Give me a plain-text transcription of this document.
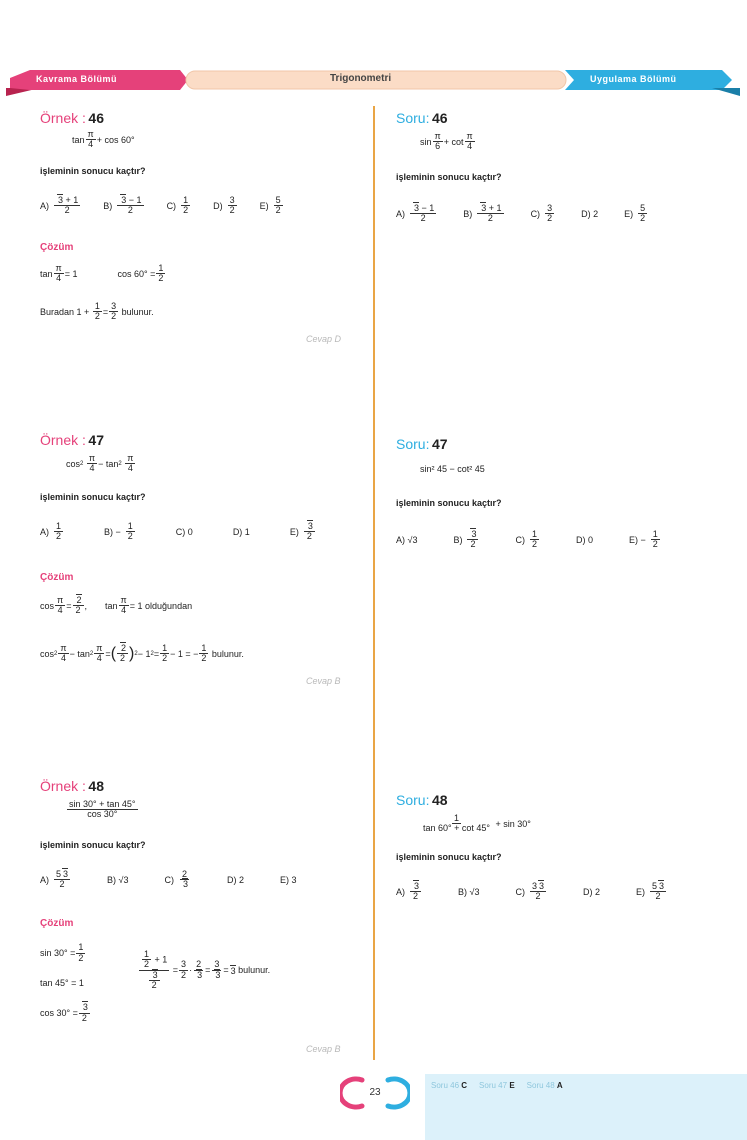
Kavrama Bölümü	Trigonometri	Uygulama Bölümü
Örnek : 46
$\tan \frac{\pi}{4} + \cos 60^\circ$
işleminin sonucu kaçtır?
$A) \frac{3 + 1}{2}$	$B) \frac{3 - 1}{2}$	$C) \frac{1}{2}$	$D) \frac{3}{2}$	$E) \frac{5}{2}$
Çözüm
$\tan \frac{\pi}{4} = 1$	$\cos 60^\circ = \frac{1}{2}$
Buradan 1 +
$\frac{1}{2} = \frac{3}{2}$
bulunur.
Cevap D
Örnek : 47
cos 2
$\frac{\pi}{4} - \tan 2$
$\frac{\pi}{4}$
işleminin sonucu kaçtır?
$A) \frac{1}{2}$	$B) - \frac{1}{2}$	C) 0	D) 1	$E) \frac{3}{2}$
Çözüm
$\cos \frac{\pi}{4} = \frac{2}{2}$ ,
$\tan \frac{\pi}{4} = 1$ olduğundan
$\cos 2 \frac{\pi}{4} - \tan 2 \frac{\pi}{4}$ = ( $\frac{2}{2}$ ) 2 − 1 $2 = \frac{1}{2} - 1$ = − $\frac{1}{2}$
bulunur.
Cevap B
Örnek : 48
$\frac{\sin 30^\circ + \tan 45^\circ}{\cos 30^\circ}$
işleminin sonucu kaçtır?
$A) \frac{5 3}{2}$	B) √3	$C) \frac{2}{3}$	D) 2	E) 3
Çözüm
$\sin 30^\circ = \frac{1}{2}$
tan 45° = 1
$\cos 30^\circ = \frac{3}{2}$
$\frac{\frac{1}{2} + 1}{\frac{3}{2}} = \frac{3}{2} \cdot \frac{2}{3} = \frac{3}{3} = 3$
bulunur.
Cevap B
Soru: 46
$\sin \frac{\pi}{6} + \cot \frac{\pi}{4}$
işleminin sonucu kaçtır?
$A) \frac{3 - 1}{2}$	$B) \frac{3 + 1}{2}$	$C) \frac{3}{2}$	D) 2	$E) \frac{5}{2}$
Soru: 47
sin² 45 − cot² 45
işleminin sonucu kaçtır?
A) √3	$B) \frac{3}{2}$	$C) \frac{1}{2}$	D) 0	$E) - \frac{1}{2}$
Soru: 48
$\frac{1}{\tan 60^\circ + \cot 45^\circ} + \sin 30^\circ$
işleminin sonucu kaçtır?
$A) \frac{3}{2}$	B) √3	$C) \frac{3 3}{2}$	D) 2	$E) \frac{5 3}{2}$
23
Soru 46 C Soru 47 E Soru 48 A
